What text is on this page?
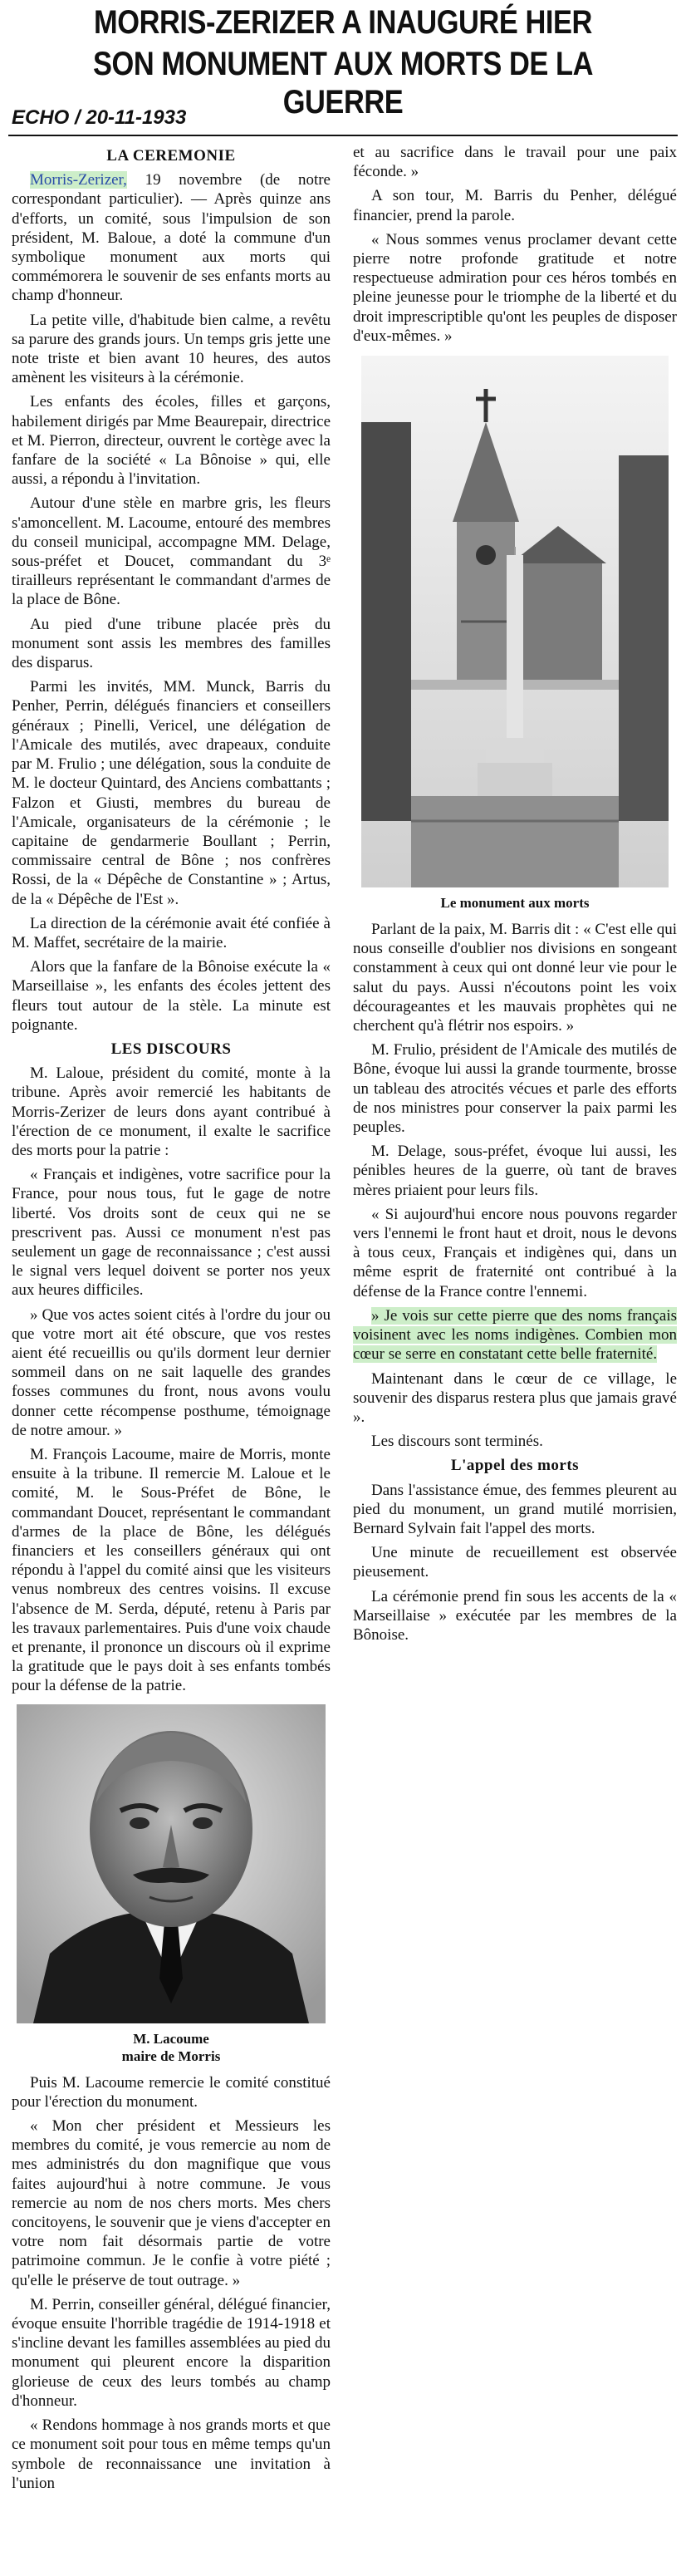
MORRIS-ZERIZER A INAUGURÉ HIER
SON MONUMENT AUX MORTS DE LA GUERRE
ECHO / 20-11-1933
LA CEREMONIE

Morris-Zerizer, 19 novembre (de notre correspondant particulier). — Après quinze ans d'efforts, un comité, sous l'impulsion de son président, M. Baloue, a doté la commune d'un symbolique monument aux morts qui commémorera le souvenir de ses enfants morts au champ d'honneur.

La petite ville, d'habitude bien calme, a revêtu sa parure des grands jours. Un temps gris jette une note triste et bien avant 10 heures, des autos amènent les visiteurs à la cérémonie.

Les enfants des écoles, filles et garçons, habilement dirigés par Mme Beaurepair, directrice et M. Pierron, directeur, ouvrent le cortège avec la fanfare de la société « La Bônoise » qui, elle aussi, a répondu à l'invitation.

Autour d'une stèle en marbre gris, les fleurs s'amoncellent. M. Lacoume, entouré des membres du conseil municipal, accompagne MM. Delage, sous-préfet et Doucet, commandant du 3ᵉ tirailleurs représentant le commandant d'armes de la place de Bône.

Au pied d'une tribune placée près du monument sont assis les membres des familles des disparus.

Parmi les invités, MM. Munck, Barris du Penher, Perrin, délégués financiers et conseillers généraux ; Pinelli, Vericel, une délégation de l'Amicale des mutilés, avec drapeaux, conduite par M. Frulio ; une délégation, sous la conduite de M. le docteur Quintard, des Anciens combattants ; Falzon et Giusti, membres du bureau de l'Amicale, organisateurs de la cérémonie ; le capitaine de gendarmerie Boullant ; Perrin, commissaire central de Bône ; nos confrères Rossi, de la « Dépêche de Constantine » ; Artus, de la « Dépêche de l'Est ».

La direction de la cérémonie avait été confiée à M. Maffet, secrétaire de la mairie.

Alors que la fanfare de la Bônoise exécute la « Marseillaise », les enfants des écoles jettent des fleurs tout autour de la stèle. La minute est poignante.

LES DISCOURS

M. Laloue, président du comité, monte à la tribune. Après avoir remercié les habitants de Morris-Zerizer de leurs dons ayant contribué à l'érection de ce monument, il exalte le sacrifice des morts pour la patrie :

« Français et indigènes, votre sacrifice pour la France, pour nous tous, fut le gage de notre liberté. Vos droits sont de ceux qui ne se prescrivent pas. Aussi ce monument n'est pas seulement un gage de reconnaissance ; c'est aussi le signal vers lequel doivent se porter nos yeux aux heures difficiles.

» Que vos actes soient cités à l'ordre du jour ou que votre mort ait été obscure, que vos restes aient été recueillis ou qu'ils dorment leur dernier sommeil dans on ne sait laquelle des grandes fosses communes du front, nous avons voulu donner cette récompense posthume, témoignage de notre amour. »

M. François Lacoume, maire de Morris, monte ensuite à la tribune. Il remercie M. Laloue et le comité, M. le Sous-Préfet de Bône, le commandant Doucet, représentant le commandant d'armes de la place de Bône, les délégués financiers et les conseillers généraux qui ont répondu à l'appel du comité ainsi que les visiteurs venus nombreux des centres voisins. Il excuse l'absence de M. Serda, député, retenu à Paris par les travaux parlementaires. Puis d'une voix chaude et prenante, il prononce un discours où il exprime la gratitude que le pays doit à ses enfants tombés pour la défense de la patrie.

M. Lacoume
maire de Morris

Puis M. Lacoume remercie le comité constitué pour l'érection du monument.

« Mon cher président et Messieurs les membres du comité, je vous remercie au nom de mes administrés du don magnifique que vous faites aujourd'hui à notre commune. Je vous remercie au nom de nos chers morts. Mes chers concitoyens, le souvenir que je viens d'accepter en votre nom fait désormais partie de votre patrimoine commun. Je le confie à votre piété ; qu'elle le préserve de tout outrage. »

M. Perrin, conseiller général, délégué financier, évoque ensuite l'horrible tragédie de 1914-1918 et s'incline devant les familles assemblées au pied du monument qui pleurent encore la disparition glorieuse de ceux des leurs tombés au champ d'honneur.

« Rendons hommage à nos grands morts et que ce monument soit pour tous en même temps qu'un symbole de reconnaissance une invitation à l'union

et au sacrifice dans le travail pour une paix féconde. »

A son tour, M. Barris du Penher, délégué financier, prend la parole.

« Nous sommes venus proclamer devant cette pierre notre profonde gratitude et notre respectueuse admiration pour ces héros tombés en pleine jeunesse pour le triomphe de la liberté et du droit imprescriptible qu'ont les peuples de disposer d'eux-mêmes. »

Le monument aux morts

Parlant de la paix, M. Barris dit : « C'est elle qui nous conseille d'oublier nos divisions en songeant constamment à ceux qui ont donné leur vie pour le salut du pays. Aussi n'écoutons point les voix décourageantes et les mauvais prophètes qui ne cherchent qu'à flétrir nos espoirs. »

M. Frulio, président de l'Amicale des mutilés de Bône, évoque lui aussi la grande tourmente, brosse un tableau des atrocités vécues et parle des efforts de nos ministres pour conserver la paix parmi les peuples.

M. Delage, sous-préfet, évoque lui aussi, les pénibles heures de la guerre, où tant de braves mères priaient pour leurs fils.

« Si aujourd'hui encore nous pouvons regarder vers l'ennemi le front haut et droit, nous le devons à tous ceux, Français et indigènes qui, dans un même esprit de fraternité ont contribué à la défense de la France contre l'ennemi.

» Je vois sur cette pierre que des noms français voisinent avec les noms indigènes. Combien mon cœur se serre en constatant cette belle fraternité.

Maintenant dans le cœur de ce village, le souvenir des disparus restera plus que jamais gravé ».

Les discours sont terminés.

L'appel des morts

Dans l'assistance émue, des femmes pleurent au pied du monument, un grand mutilé morrisien, Bernard Sylvain fait l'appel des morts.

Une minute de recueillement est observée pieusement.

La cérémonie prend fin sous les accents de la « Marseillaise » exécutée par les membres de la Bônoise.
